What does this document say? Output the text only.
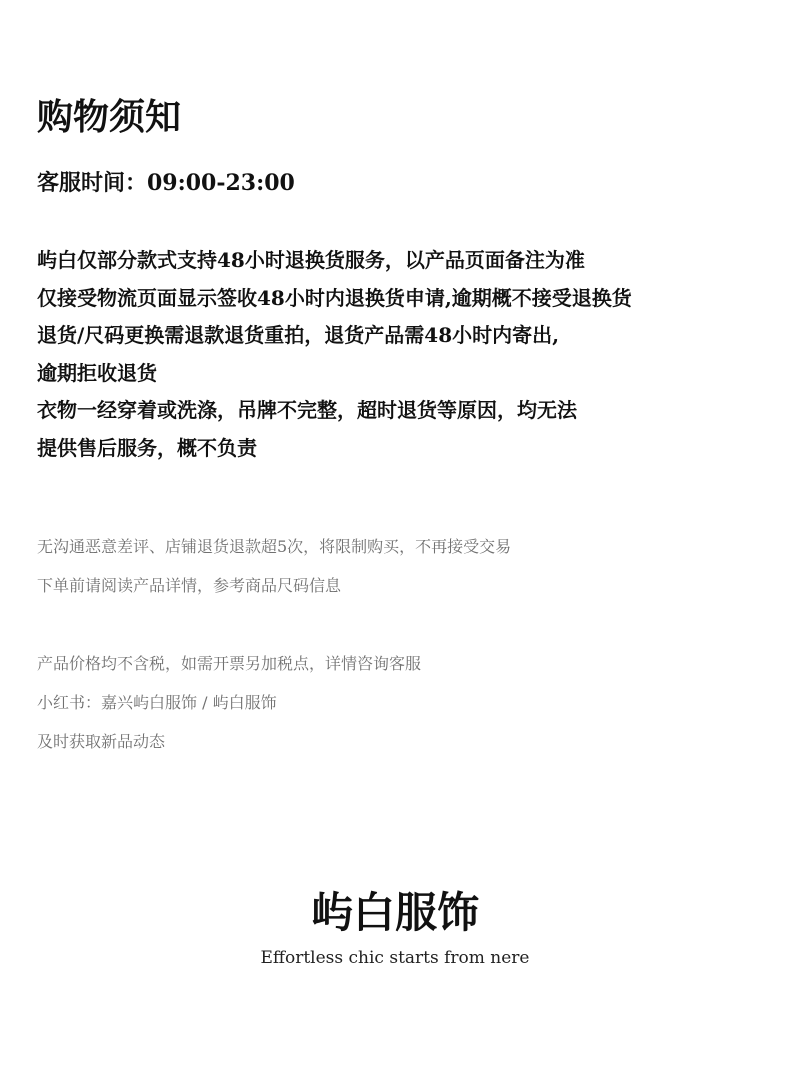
购物须知

客服时间：09:00-23:00

屿白仅部分款式支持48小时退换货服务，以产品页面备注为准
仅接受物流页面显示签收48小时内退换货申请,逾期概不接受退换货
退货/尺码更换需退款退货重拍，退货产品需48小时内寄出,
逾期拒收退货
衣物一经穿着或洗涤，吊牌不完整，超时退货等原因，均无法
提供售后服务，概不负责
无沟通恶意差评、店铺退货退款超5次，将限制购买，不再接受交易
下单前请阅读产品详情，参考商品尺码信息
产品价格均不含税，如需开票另加税点，详情咨询客服
小红书：嘉兴屿白服饰 / 屿白服饰
及时获取新品动态
屿白服饰
Effortless chic starts from nere
